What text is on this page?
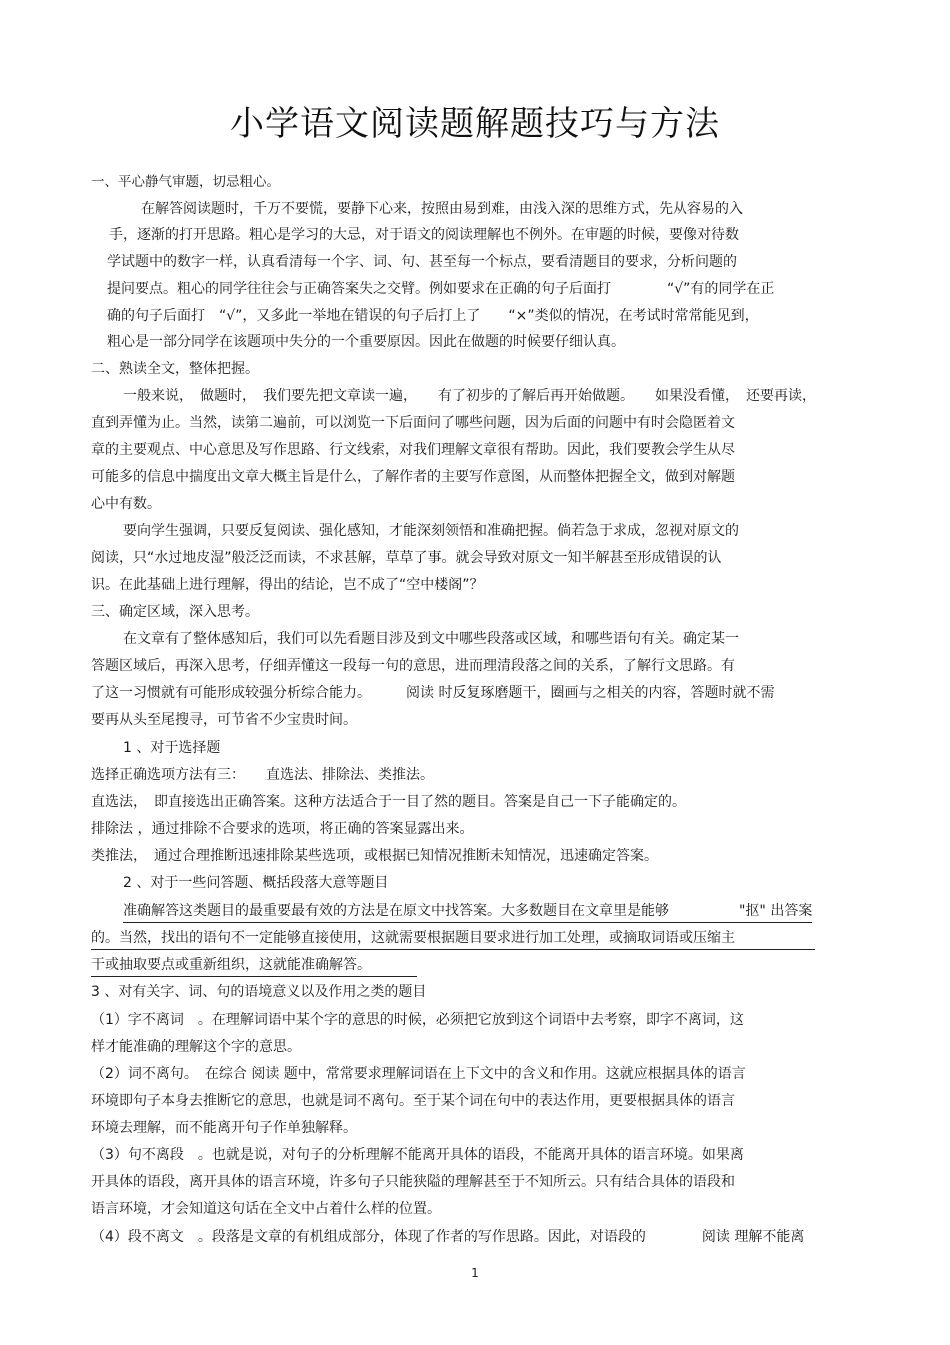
小学语文阅读题解题技巧与方法
一、平心静气审题，切忌粗心。
在解答阅读题时，千万不要慌，要静下心来，按照由易到难，由浅入深的思维方式，先从容易的入
手，逐渐的打开思路。粗心是学习的大忌，对于语文的阅读理解也不例外。在审题的时候，要像对待数
学试题中的数字一样，认真看清每一个字、词、句、甚至每一个标点，要看清题目的要求，分析问题的
提问要点。粗心的同学往往会与正确答案失之交臂。例如要求在正确的句子后面打　　　　“√”有的同学在正
确的句子后面打　“√”，又多此一举地在错误的句子后打上了　　“×”类似的情况，在考试时常常能见到，
粗心是一部分同学在该题项中失分的一个重要原因。因此在做题的时候要仔细认真。
二、熟读全文，整体把握。
一般来说，　做题时，　我们要先把文章读一遍，　　有了初步的了解后再开始做题。　　如果没看懂，　还要再读，
直到弄懂为止。当然，读第二遍前，可以浏览一下后面问了哪些问题，因为后面的问题中有时会隐匿着文
章的主要观点、中心意思及写作思路、行文线索，对我们理解文章很有帮助。因此，我们要教会学生从尽
可能多的信息中揣度出文章大概主旨是什么，了解作者的主要写作意图，从而整体把握全文，做到对解题
心中有数。
要向学生强调，只要反复阅读、强化感知，才能深刻领悟和准确把握。倘若急于求成，忽视对原文的
阅读，只“水过地皮湿”般泛泛而读，不求甚解，草草了事。就会导致对原文一知半解甚至形成错误的认
识。在此基础上进行理解，得出的结论，岂不成了“空中楼阁”？
三、确定区域，深入思考。
在文章有了整体感知后，我们可以先看题目涉及到文中哪些段落或区域，和哪些语句有关。确定某一
答题区域后，再深入思考，仔细弄懂这一段每一句的意思，进而理清段落之间的关系，了解行文思路。有
了这一习惯就有可能形成较强分析综合能力。　　　阅读 时反复琢磨题干，圈画与之相关的内容，答题时就不需
要再从头至尾搜寻，可节省不少宝贵时间。
1 、对于选择题
选择正确选项方法有三：　　直选法、排除法、类推法。
直选法，　即直接选出正确答案。这种方法适合于一目了然的题目。答案是自己一下子能确定的。
排除法 ，通过排除不合要求的选项，将正确的答案显露出来。
类推法，　通过合理推断迅速排除某些选项，或根据已知情况推断未知情况，迅速确定答案。
2 、对于一些问答题、概括段落大意等题目
准确解答这类题目的最重要最有效的方法是在原文中找答案。大多数题目在文章里是能够　　　　　"抠" 出答案
的。当然，找出的语句不一定能够直接使用，这就需要根据题目要求进行加工处理，或摘取词语或压缩主
干或抽取要点或重新组织，这就能准确解答。
3 、对有关字、词、句的语境意义以及作用之类的题目
（1）字不离词　。在理解词语中某个字的意思的时候，必须把它放到这个词语中去考察，即字不离词，这
样才能准确的理解这个字的意思。
（2）词不离句。　在综合 阅读 题中，常常要求理解词语在上下文中的含义和作用。这就应根据具体的语言
环境即句子本身去推断它的意思，也就是词不离句。至于某个词在句中的表达作用，更要根据具体的语言
环境去理解，而不能离开句子作单独解释。
（3）句不离段　。也就是说，对句子的分析理解不能离开具体的语段，不能离开具体的语言环境。如果离
开具体的语段，离开具体的语言环境，许多句子只能狭隘的理解甚至于不知所云。只有结合具体的语段和
语言环境，才会知道这句话在全文中占着什么样的位置。
（4）段不离文　。段落是文章的有机组成部分，体现了作者的写作思路。因此，对语段的　　　　阅读 理解不能离
1
